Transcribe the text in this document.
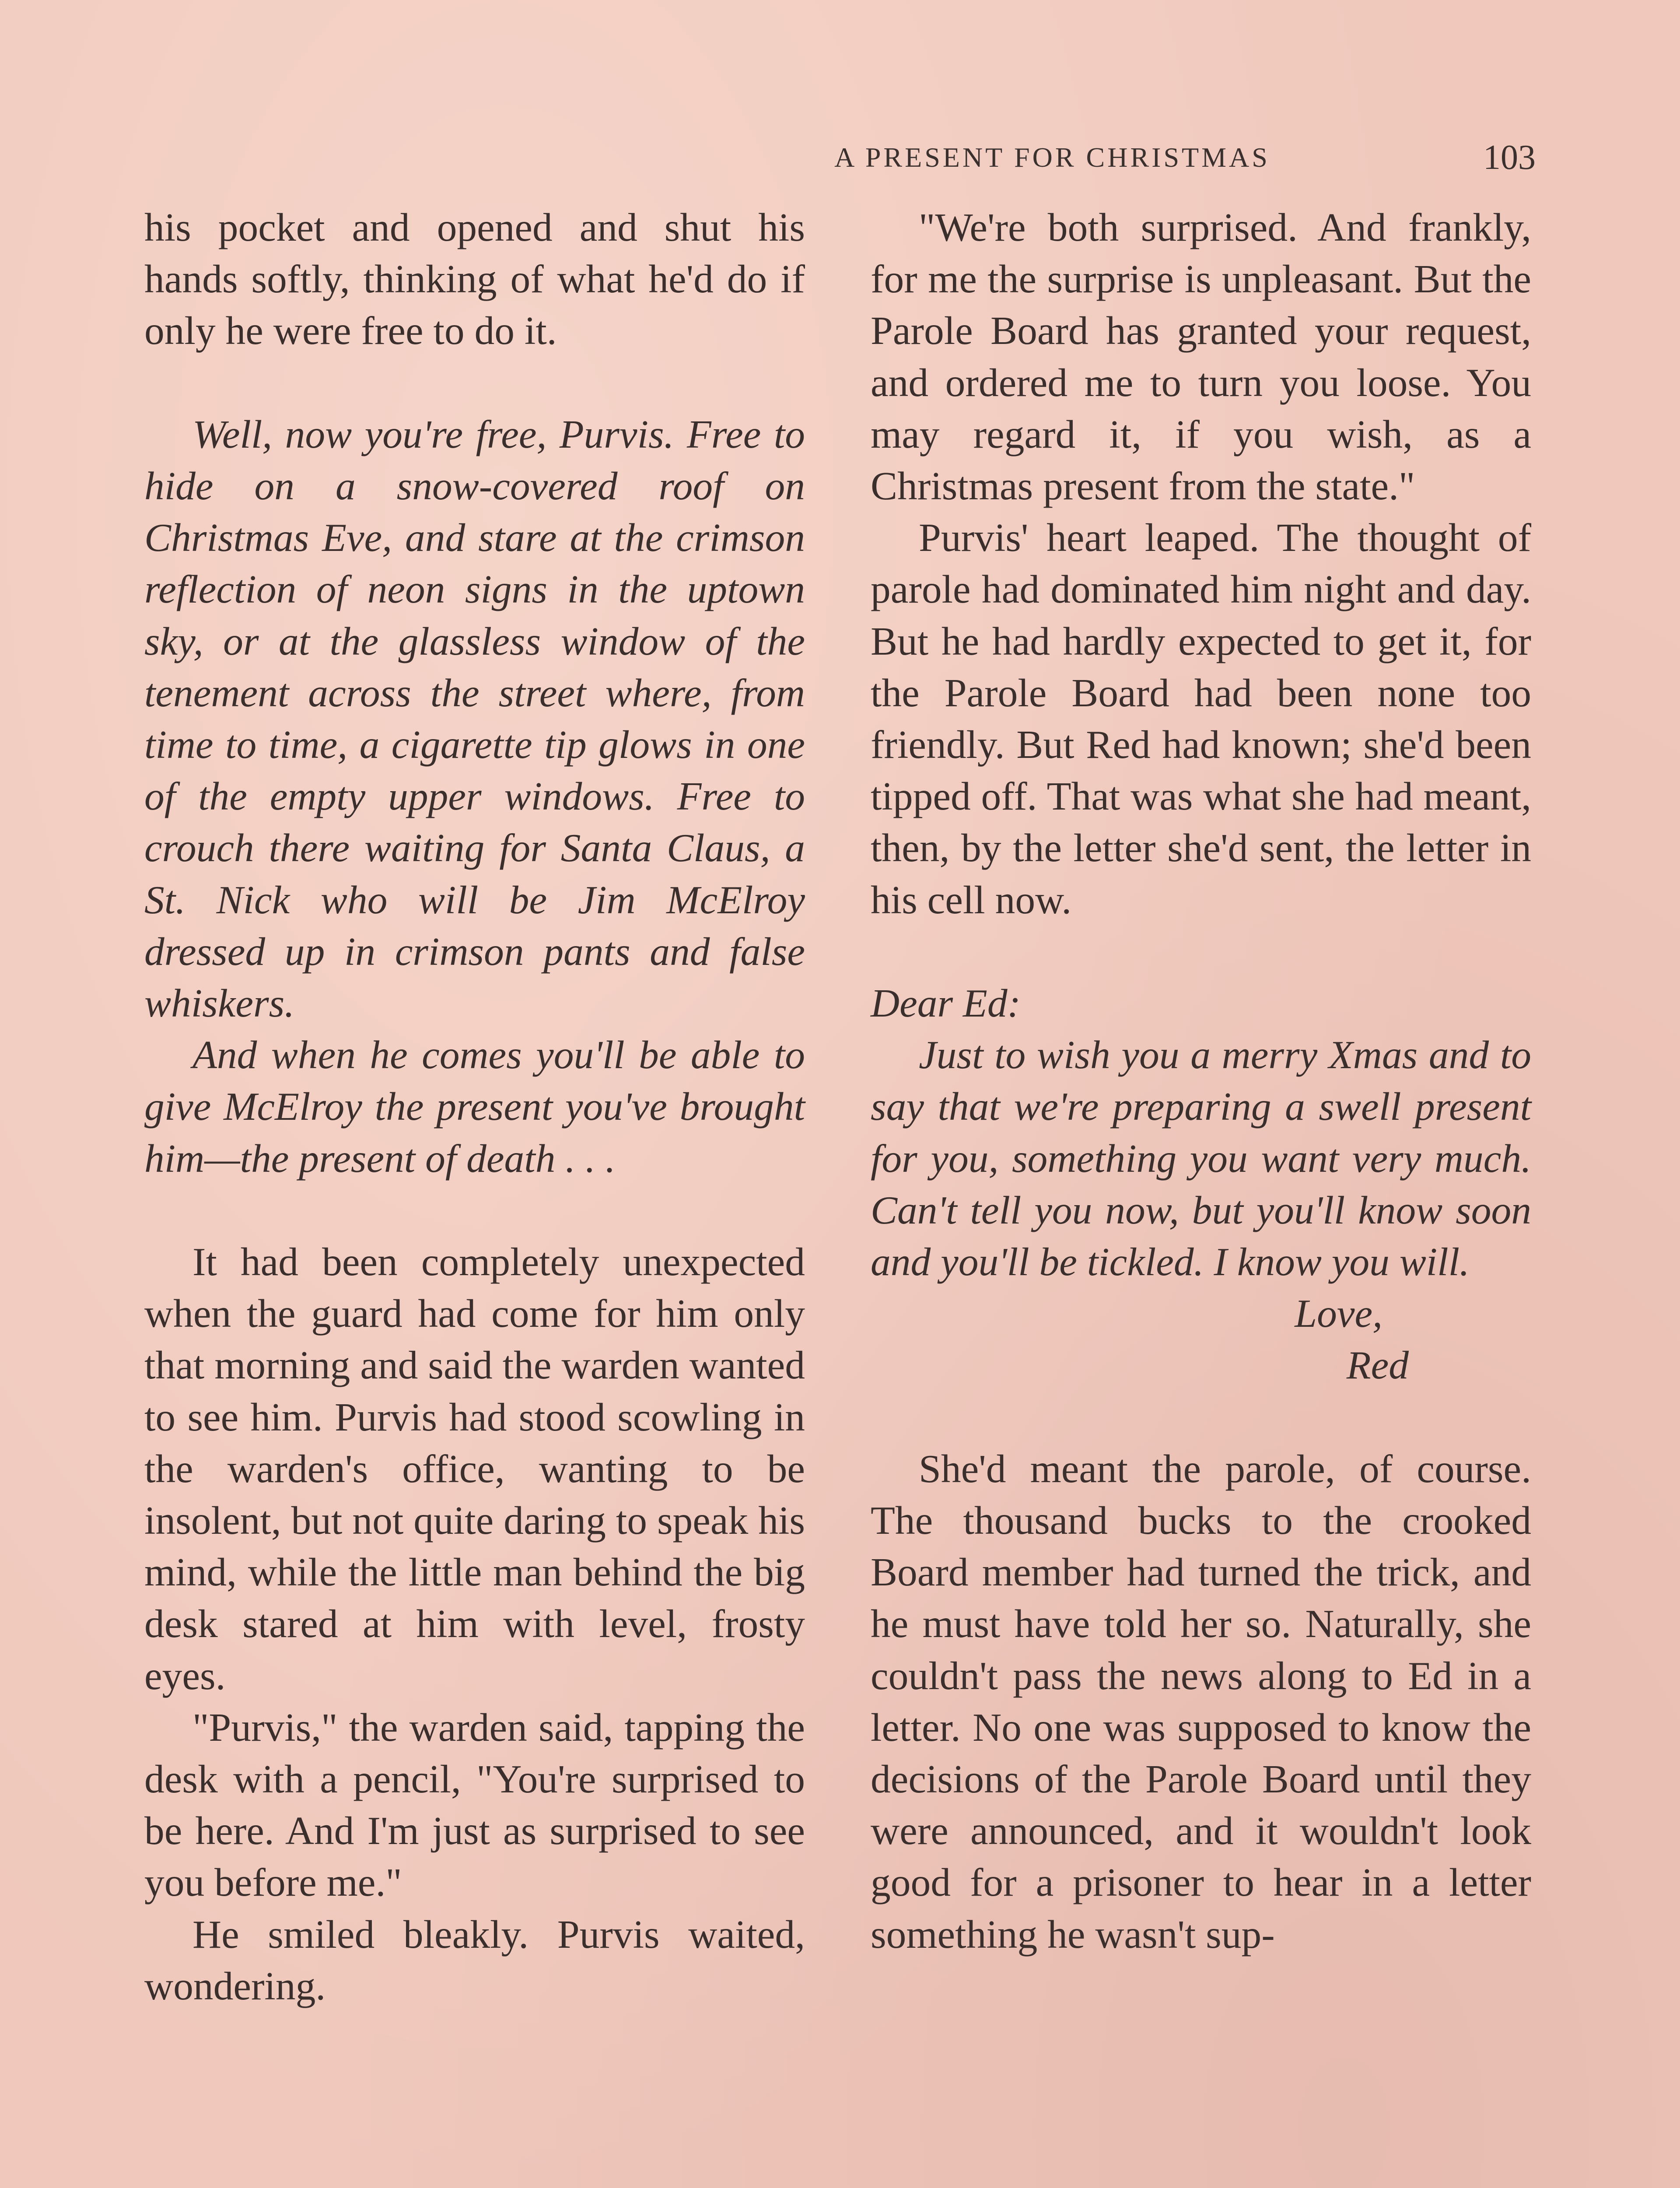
A PRESENT FOR CHRISTMAS	103

his pocket and opened and shut his hands softly, thinking of what he'd do if only he were free to do it.

Well, now you're free, Purvis. Free to hide on a snow-covered roof on Christmas Eve, and stare at the crimson reflection of neon signs in the uptown sky, or at the glassless window of the tenement across the street where, from time to time, a cigarette tip glows in one of the empty upper windows. Free to crouch there waiting for Santa Claus, a St. Nick who will be Jim McElroy dressed up in crimson pants and false whiskers.

And when he comes you'll be able to give McElroy the present you've brought him—the present of death . . .

It had been completely unexpected when the guard had come for him only that morning and said the warden wanted to see him. Purvis had stood scowling in the warden's office, wanting to be insolent, but not quite daring to speak his mind, while the little man behind the big desk stared at him with level, frosty eyes.

"Purvis," the warden said, tapping the desk with a pencil, "You're surprised to be here. And I'm just as surprised to see you before me."

He smiled bleakly. Purvis waited, wondering.

"We're both surprised. And frankly, for me the surprise is unpleasant. But the Parole Board has granted your request, and ordered me to turn you loose. You may regard it, if you wish, as a Christmas present from the state."

Purvis' heart leaped. The thought of parole had dominated him night and day. But he had hardly expected to get it, for the Parole Board had been none too friendly. But Red had known; she'd been tipped off. That was what she had meant, then, by the letter she'd sent, the letter in his cell now.

Dear Ed:

Just to wish you a merry Xmas and to say that we're preparing a swell present for you, something you want very much. Can't tell you now, but you'll know soon and you'll be tickled. I know you will.

Love,

Red

She'd meant the parole, of course. The thousand bucks to the crooked Board member had turned the trick, and he must have told her so. Naturally, she couldn't pass the news along to Ed in a letter. No one was supposed to know the decisions of the Parole Board until they were announced, and it wouldn't look good for a prisoner to hear in a letter something he wasn't sup-
